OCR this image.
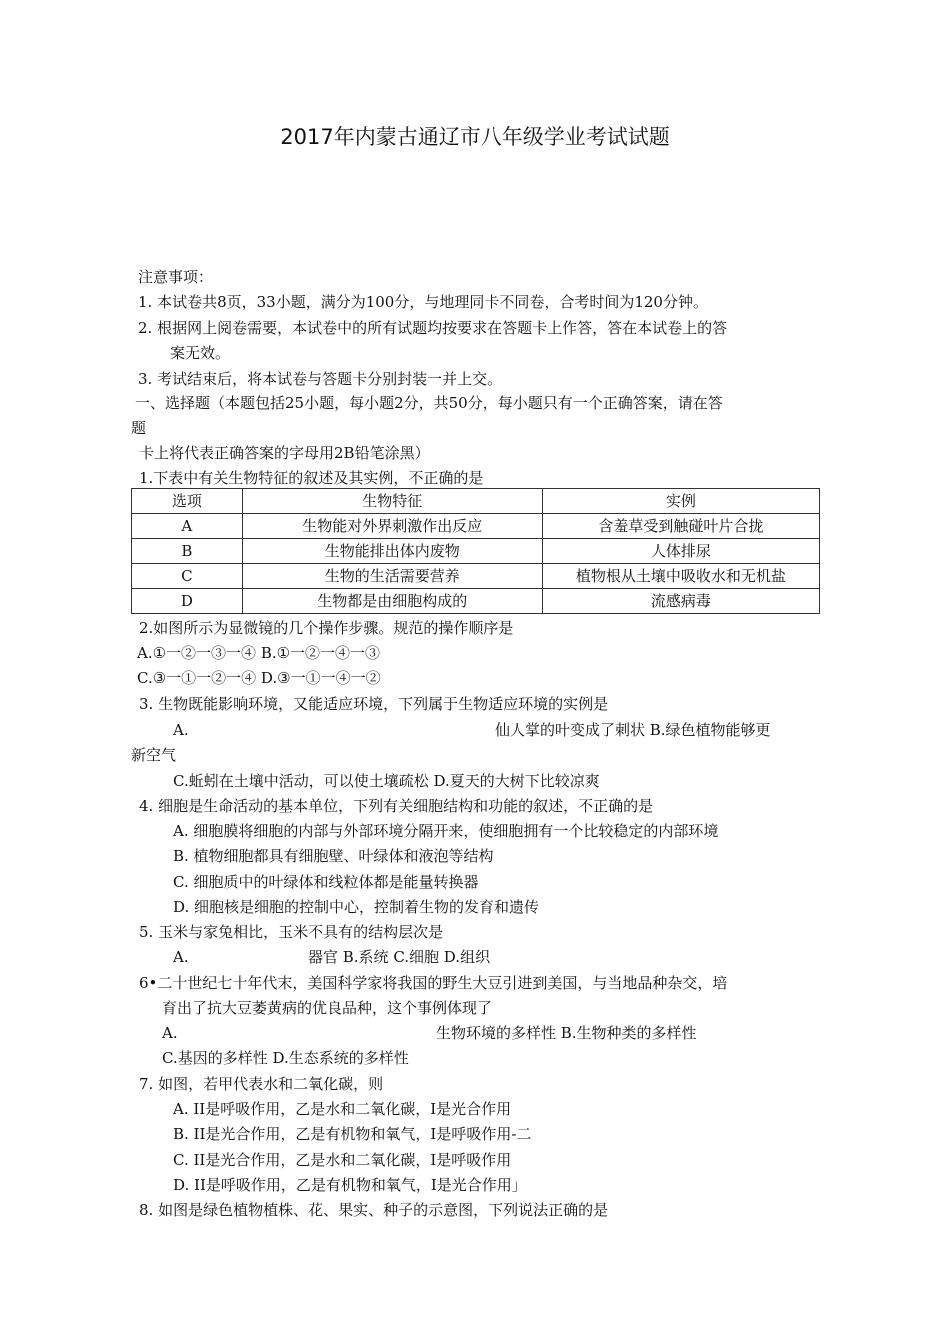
2017年内蒙古通辽市八年级学业考试试题
注意事项：
1. 本试卷共8页，33小题，满分为100分，与地理同卡不同卷，合考时间为120分钟。
2. 根据网上阅卷需要，本试卷中的所有试题均按要求在答题卡上作答，答在本试卷上的答
案无效。
3. 考试结束后，将本试卷与答题卡分别封装一并上交。
一、选择题（本题包括25小题，每小题2分，共50分，每小题只有一个正确答案，请在答
题
卡上将代表正确答案的字母用2B铅笔涂黑）
1.下表中有关生物特征的叙述及其实例，不正确的是
选项	生物特征	实例
A	生物能对外界刺激作出反应	含羞草受到触碰叶片合拢
B	生物能排出体内废物	人体排尿
C	生物的生活需要营养	植物根从土壤中吸收水和无机盐
D	生物都是由细胞构成的	流感病毒
2.如图所示为显微镜的几个操作步骤。规范的操作顺序是
A.①一②一③一④ B.①一②一④一③
C.③一①一②一④ D.③一①一④一②
3. 生物既能影响环境，又能适应环境，下列属于生物适应环境的实例是
A.	仙人掌的叶变成了刺状 B.绿色植物能够更
新空气
C.蚯蚓在土壤中活动，可以使土壤疏松 D.夏天的大树下比较凉爽
4. 细胞是生命活动的基本单位，下列有关细胞结构和功能的叙述，不正确的是
A. 细胞膜将细胞的内部与外部环境分隔开来，使细胞拥有一个比较稳定的内部环境
B. 植物细胞都具有细胞壁、叶绿体和液泡等结构
C. 细胞质中的叶绿体和线粒体都是能量转换器
D. 细胞核是细胞的控制中心，控制着生物的发育和遗传
5. 玉米与家兔相比，玉米不具有的结构层次是
A.	器官 B.系统 C.细胞 D.组织
6•二十世纪七十年代末，美国科学家将我国的野生大豆引进到美国，与当地品种杂交，培
育出了抗大豆萎黄病的优良品种，这个事例体现了
A.	生物环境的多样性 B.生物种类的多样性
C.基因的多样性 D.生态系统的多样性
7. 如图，若甲代表水和二氧化碳，则
A. II是呼吸作用，乙是水和二氧化碳，I是光合作用
B. II是光合作用，乙是有机物和氧气，I是呼吸作用-二
C. II是光合作用，乙是水和二氧化碳，I是呼吸作用
D. II是呼吸作用，乙是有机物和氧气，I是光合作用」
8. 如图是绿色植物植株、花、果实、种子的示意图，下列说法正确的是
